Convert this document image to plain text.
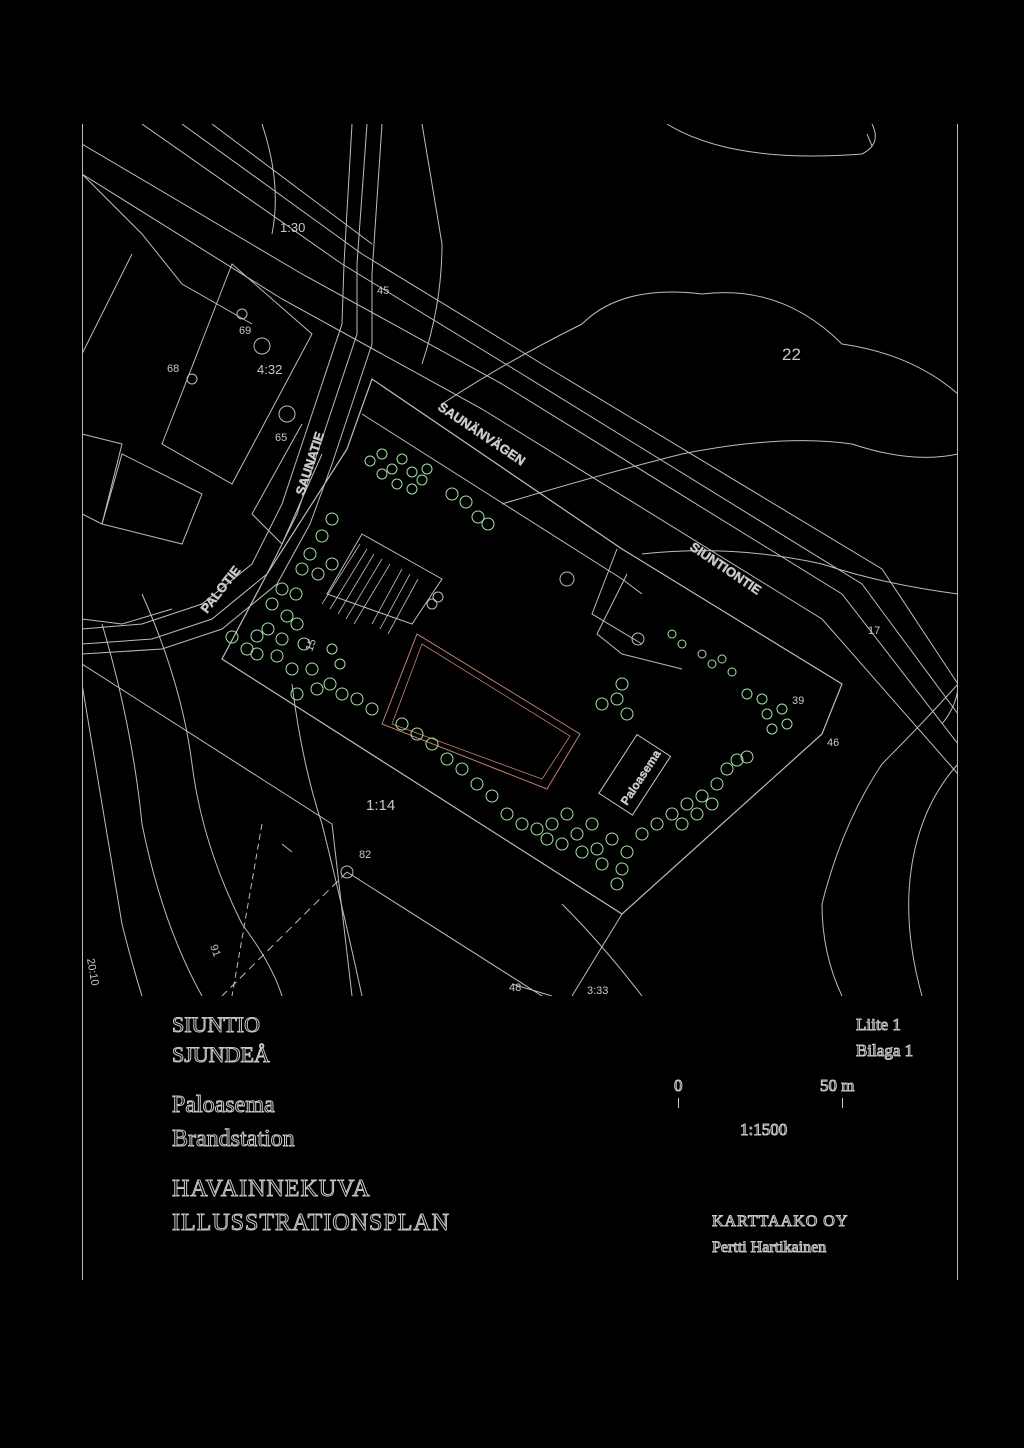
SAUNÄNVÄGEN
SIUNTIONTIE
PALOTIE
SAUNATIE
Paloasema
1:30
4:32
1:14
3:33
22
45
69
68
65
17
39
46
15
82
91
48
20:10
SIUNTIO
SJUNDEÅ
Liite 1
Bilaga 1
Paloasema
Brandstation
HAVAINNEKUVA
ILLUSSTRATIONSPLAN
0	50 m
1:1500
KARTTAAKO OY
Pertti Hartikainen
